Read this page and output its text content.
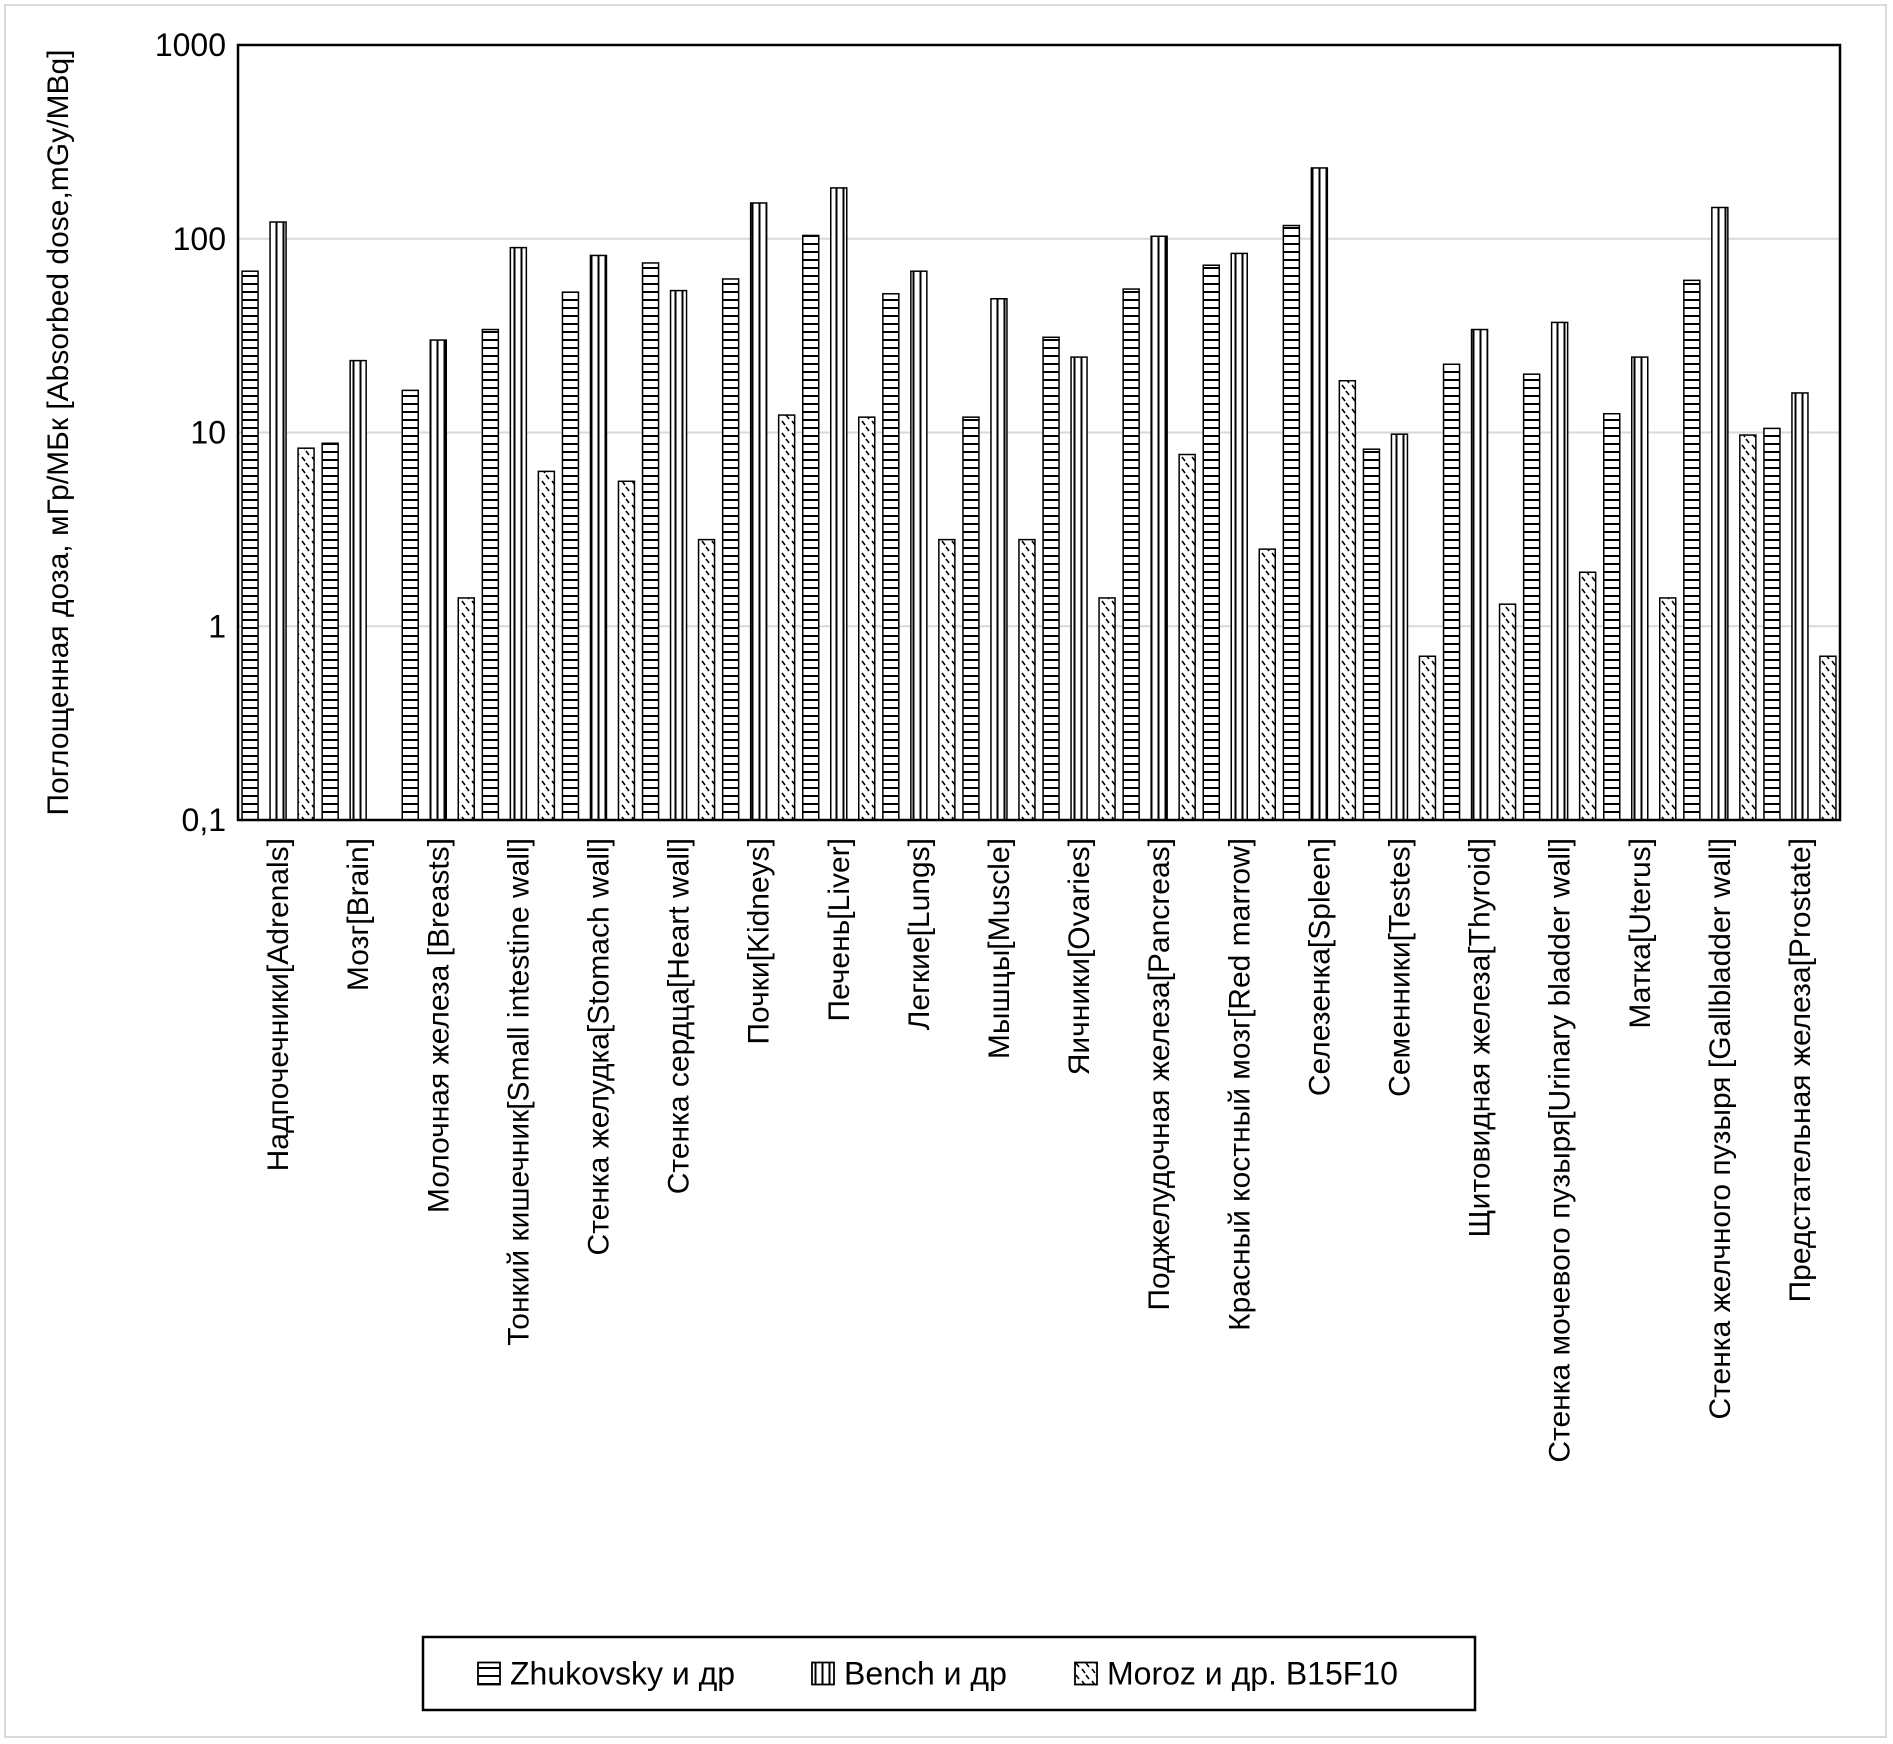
0,1
1
10
100
1000
Надпочечники[Adrenals] Мозг[Brain] Молочная железа [Breasts] Тонкий кишечник[Small intestine wall] Стенка желудка[Stomach wall] Стенка сердца[Heart wall] Почки[Kidneys] Печень[Liver] Легкие[Lungs] Мышцы[Muscle] Яичники[Ovaries] Поджелудочная железа[Pancreas] Красный костный мозг[Red marrow] Селезенка[Spleen] Семенники[Testes] Щитовидная железа[Thyroid] Стенка мочевого пузыря[Urinary bladder wall] Матка[Uterus] Стенка желчного пузыря [Gallbladder wall] Предстательная железа[Prostate]
Поглощенная доза, мГр/МБк [Absorbed dose,mGy/MBq]
Zhukovsky и др	Bench и др	Moroz и др. B15F10
